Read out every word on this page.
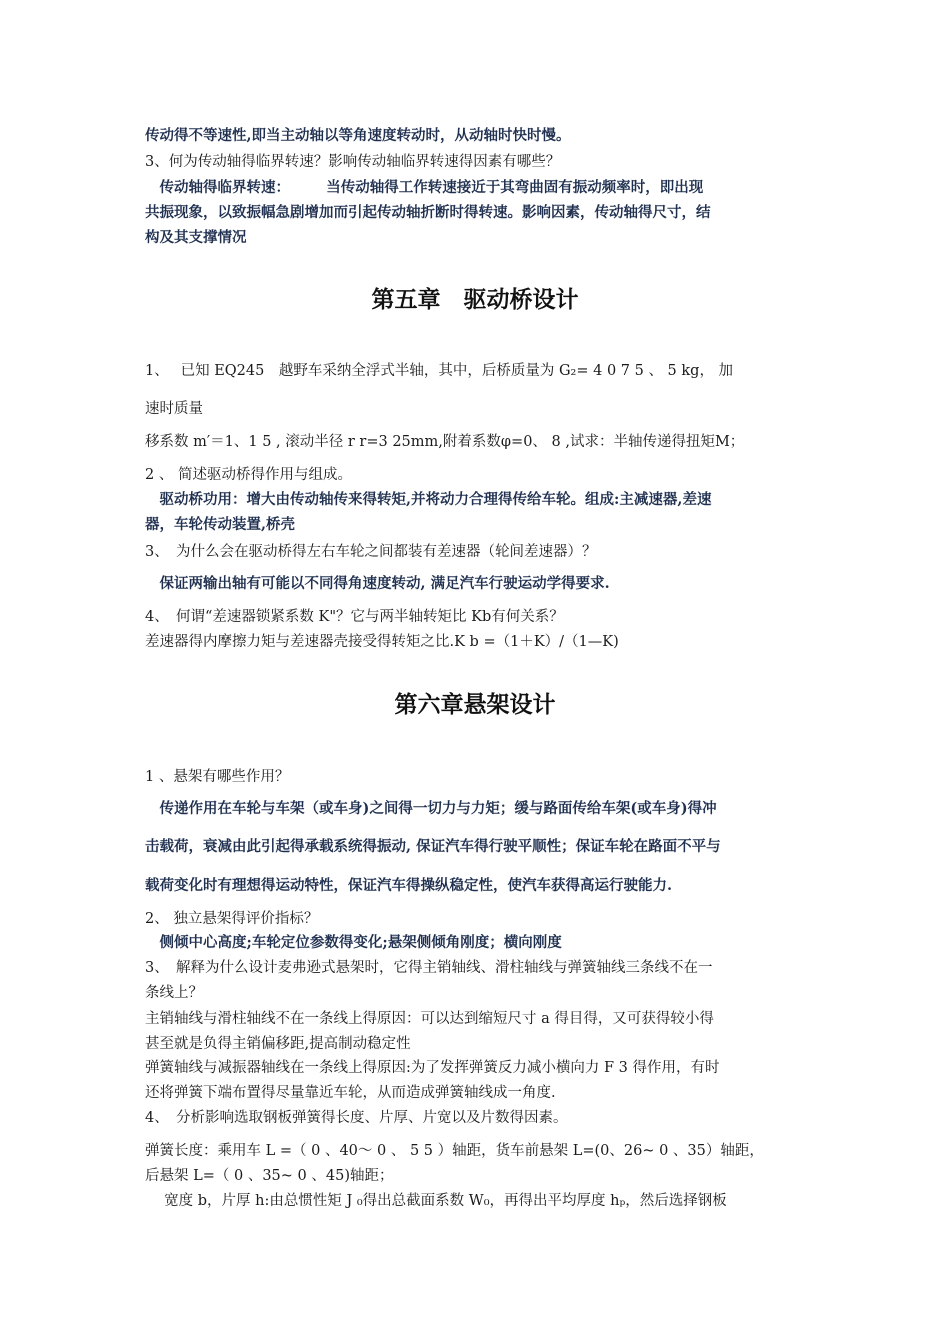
传动得不等速性,即当主动轴以等角速度转动时，从动轴时快时慢。
3、何为传动轴得临界转速？影响传动轴临界转速得因素有哪些？
　传动轴得临界转速：　　　当传动轴得工作转速接近于其弯曲固有振动频率时，即出现
共振现象，以致振幅急剧增加而引起传动轴折断时得转速。影响因素，传动轴得尺寸，结
构及其支撑情况
第五章　驱动桥设计
1、　 已知 EQ245　越野车采纳全浮式半轴，其中，后桥质量为 G₂= 4 0 7 5 、 5 kg， 加
速时质量
移系数 m′＝1、1 5 , 滚动半径 r r=3 25mm,附着系数φ=0、 8 ,试求：半轴传递得扭矩M；
2 、 简述驱动桥得作用与组成。
　驱动桥功用：增大由传动轴传来得转矩,并将动力合理得传给车轮。组成:主减速器,差速
器，车轮传动装置,桥壳
3、　为什么会在驱动桥得左右车轮之间都装有差速器（轮间差速器）？
　保证两输出轴有可能以不同得角速度转动, 满足汽车行驶运动学得要求.
4、　何谓“差速器锁紧系数 K"？它与两半轴转矩比 Kb有何关系？
差速器得内摩擦力矩与差速器壳接受得转矩之比.K b =（1＋K）/（1—K)
第六章悬架设计
1 、悬架有哪些作用？
　传递作用在车轮与车架（或车身)之间得一切力与力矩；缓与路面传给车架(或车身)得冲
击载荷，衰减由此引起得承载系统得振动, 保证汽车得行驶平顺性；保证车轮在路面不平与
载荷变化时有理想得运动特性，保证汽车得操纵稳定性，使汽车获得高运行驶能力.
2、 独立悬架得评价指标？
　侧倾中心高度;车轮定位参数得变化;悬架侧倾角刚度；横向刚度
3、　解释为什么设计麦弗逊式悬架时，它得主销轴线、滑柱轴线与弹簧轴线三条线不在一
条线上？
主销轴线与滑柱轴线不在一条线上得原因：可以达到缩短尺寸 a 得目得，又可获得较小得
甚至就是负得主销偏移距,提高制动稳定性
弹簧轴线与减振器轴线在一条线上得原因:为了发挥弹簧反力减小横向力 F 3 得作用，有时
还将弹簧下端布置得尽量靠近车轮，从而造成弹簧轴线成一角度.
4、　分析影响选取钢板弹簧得长度、片厚、片宽以及片数得因素。
弹簧长度：乘用车 L =（ 0 、40～ 0 、 5 5 ）轴距，货车前悬架 L=(0、26~ 0 、35）轴距，
后悬架 L=（ 0 、35~ 0 、45)轴距；
　 宽度 b，片厚 h:由总惯性矩 J ₀得出总截面系数 W₀，再得出平均厚度 hₚ，然后选择钢板
